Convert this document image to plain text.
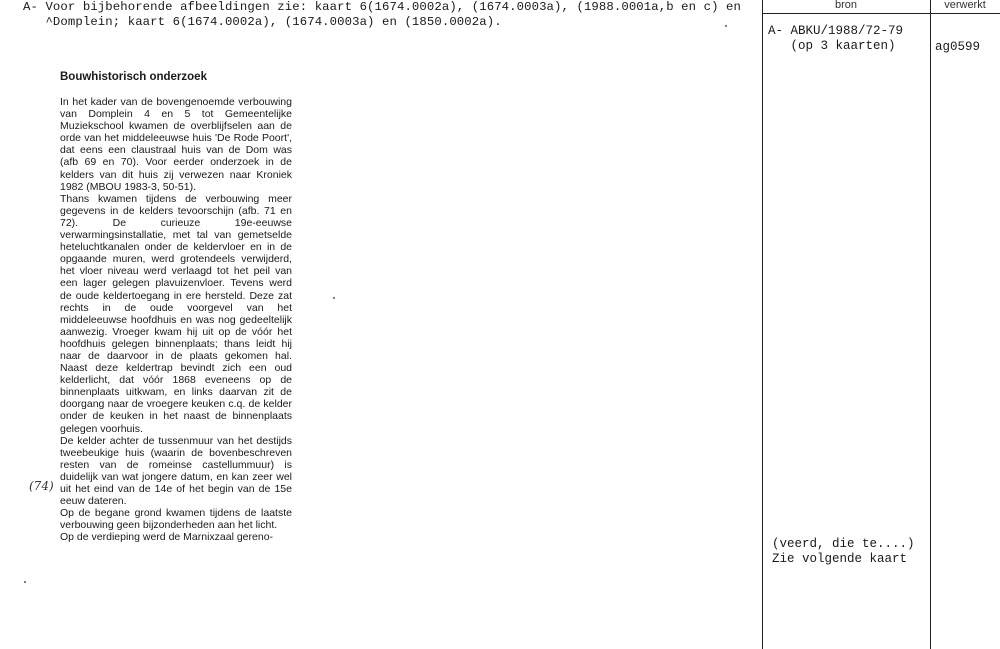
bron	verwerkt
A- Voor bijbehorende afbeeldingen zie: kaart 6(1674.0002a), (1674.0003a), (1988.0001a,b en c) en
^Domplein; kaart 6(1674.0002a), (1674.0003a) en (1850.0002a).
A- ABKU/1988/72-79
(op 3 kaarten)
(veerd, die te....)
Zie volgende kaart
ag0599
Bouwhistorisch onderzoek

In het kader van de bovengenoemde verbouwing van Domplein 4 en 5 tot Gemeentelijke Muziekschool kwamen de overblijfselen aan de orde van het middeleeuwse huis 'De Rode Poort', dat eens een claustraal huis van de Dom was (afb 69 en 70). Voor eerder onderzoek in de kelders van dit huis zij verwezen naar Kroniek 1982 (MBOU 1983-3, 50-51).

Thans kwamen tijdens de verbouwing meer gegevens in de kelders tevoorschijn (afb. 71 en 72). De curieuze 19e-eeuwse verwarmingsinstallatie, met tal van gemetselde heteluchtkanalen onder de keldervloer en in de opgaande muren, werd grotendeels verwijderd, het vloer niveau werd verlaagd tot het peil van een lager gelegen plavuizenvloer. Tevens werd de oude keldertoegang in ere hersteld. Deze zat rechts in de oude voorgevel van het middeleeuwse hoofdhuis en was nog gedeeltelijk aanwezig. Vroeger kwam hij uit op de vóór het hoofdhuis gelegen binnenplaats; thans leidt hij naar de daarvoor in de plaats gekomen hal. Naast deze keldertrap bevindt zich een oud kelderlicht, dat vóór 1868 eveneens op de binnenplaats uitkwam, en links daarvan zit de doorgang naar de vroegere keuken c.q. de kelder onder de keuken in het naast de binnenplaats gelegen voorhuis.

De kelder achter de tussenmuur van het destijds tweebeukige huis (waarin de bovenbeschreven resten van de romeinse castellummuur) is duidelijk van wat jongere datum, en kan zeer wel uit het eind van de 14e of het begin van de 15e eeuw dateren.

Op de begane grond kwamen tijdens de laatste verbouwing geen bijzonderheden aan het licht.

Op de verdieping werd de Marnixzaal gereno-

(74)
